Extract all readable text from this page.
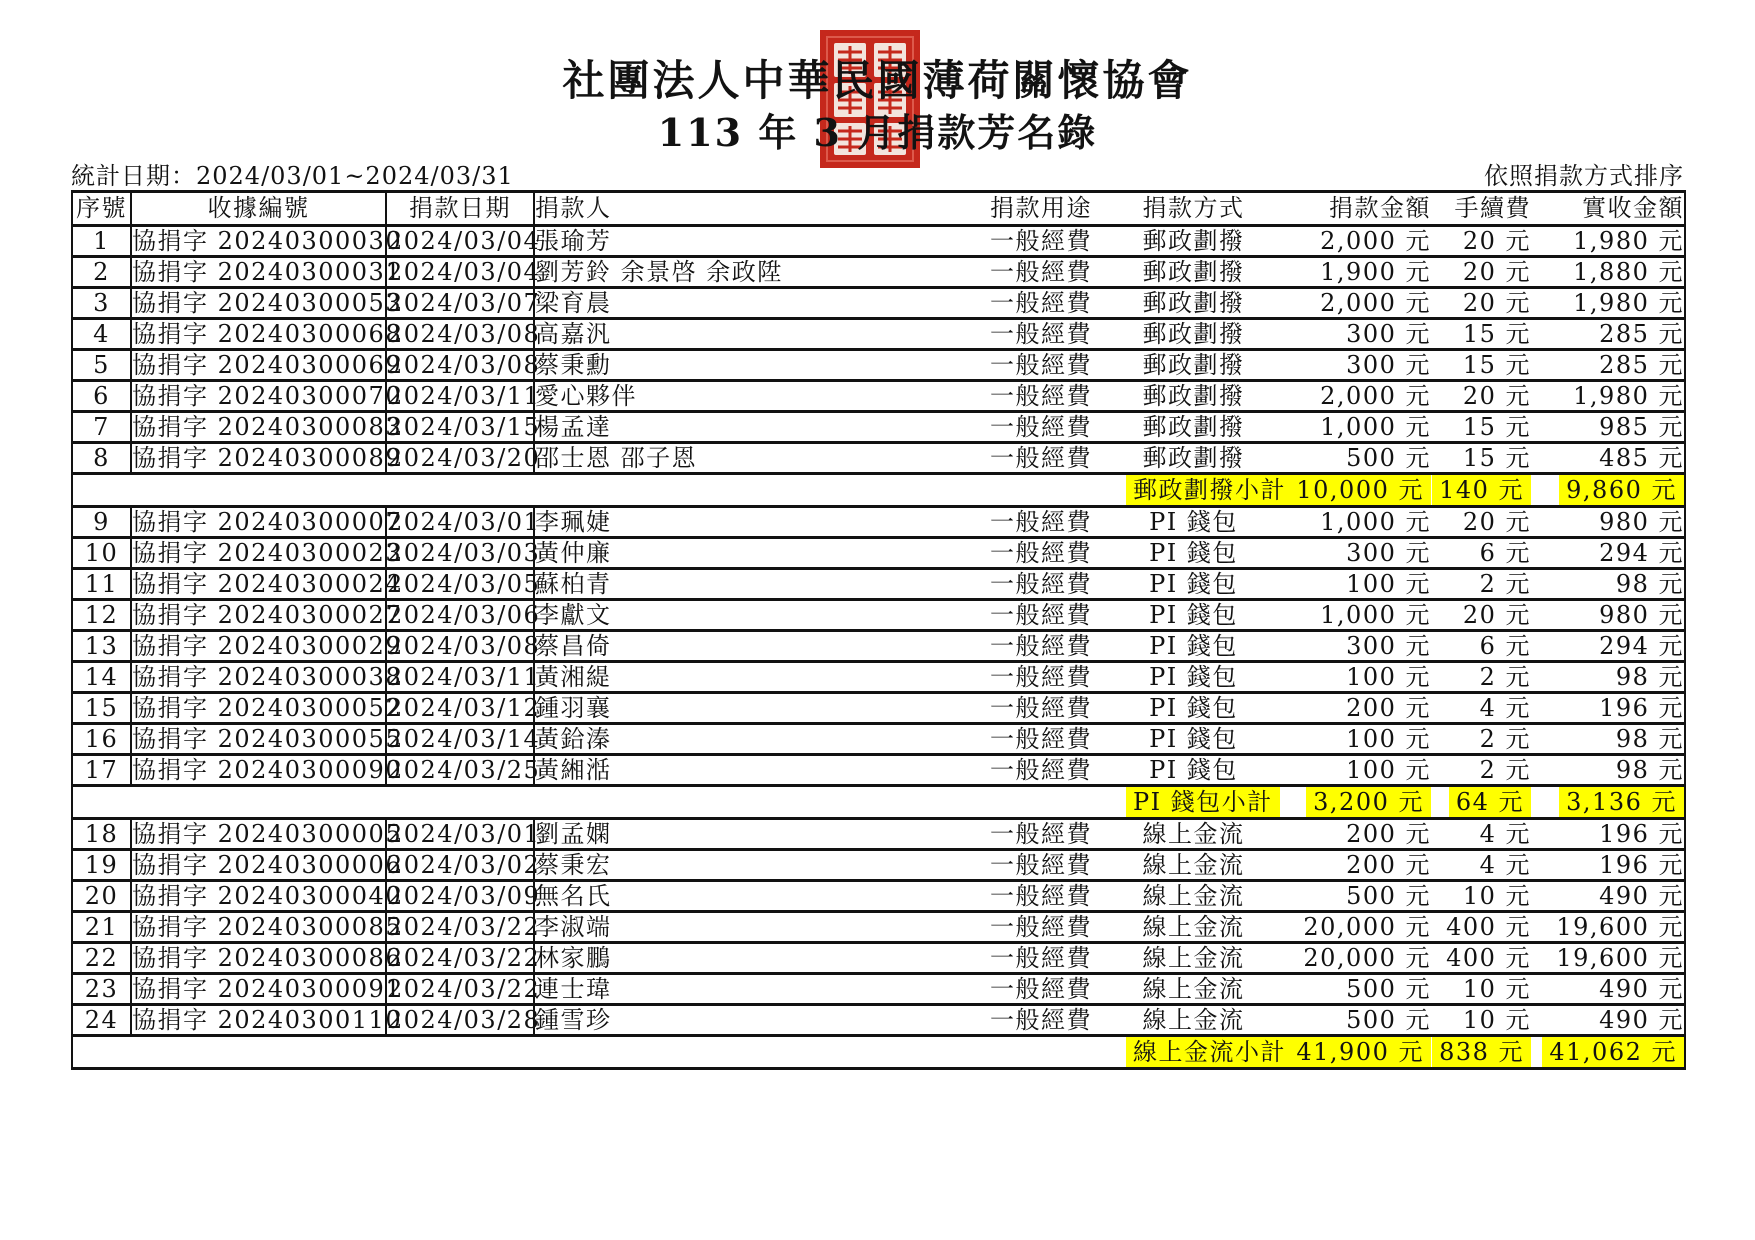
社團法人中華民國薄荷關懷協會
113 年 3 月捐款芳名錄
統計日期：2024/03/01~2024/03/31	依照捐款方式排序
序號	收據編號	捐款日期	捐款人	捐款用途	捐款方式	捐款金額	手續費	實收金額
1	協捐字 20240300030	2024/03/04	張瑜芳	一般經費	郵政劃撥	2,000 元	20 元	1,980 元
2	協捐字 20240300031	2024/03/04	劉芳鈴 余景啓 余政陞	一般經費	郵政劃撥	1,900 元	20 元	1,880 元
3	協捐字 20240300053	2024/03/07	梁育晨	一般經費	郵政劃撥	2,000 元	20 元	1,980 元
4	協捐字 20240300068	2024/03/08	高嘉汎	一般經費	郵政劃撥	300 元	15 元	285 元
5	協捐字 20240300069	2024/03/08	蔡秉勳	一般經費	郵政劃撥	300 元	15 元	285 元
6	協捐字 20240300070	2024/03/11	愛心夥伴	一般經費	郵政劃撥	2,000 元	20 元	1,980 元
7	協捐字 20240300083	2024/03/15	楊孟達	一般經費	郵政劃撥	1,000 元	15 元	985 元
8	協捐字 20240300089	2024/03/20	邵士恩 邵子恩	一般經費	郵政劃撥	500 元	15 元	485 元
					郵政劃撥小計	10,000 元	140 元	9,860 元
9	協捐字 20240300007	2024/03/01	李珮婕	一般經費	PI 錢包	1,000 元	20 元	980 元
10	協捐字 20240300023	2024/03/03	黃仲廉	一般經費	PI 錢包	300 元	6 元	294 元
11	協捐字 20240300024	2024/03/05	蘇柏青	一般經費	PI 錢包	100 元	2 元	98 元
12	協捐字 20240300027	2024/03/06	李獻文	一般經費	PI 錢包	1,000 元	20 元	980 元
13	協捐字 20240300029	2024/03/08	蔡昌倚	一般經費	PI 錢包	300 元	6 元	294 元
14	協捐字 20240300038	2024/03/11	黃湘緹	一般經費	PI 錢包	100 元	2 元	98 元
15	協捐字 20240300052	2024/03/12	鍾羽襄	一般經費	PI 錢包	200 元	4 元	196 元
16	協捐字 20240300055	2024/03/14	黃鉿溱	一般經費	PI 錢包	100 元	2 元	98 元
17	協捐字 20240300090	2024/03/25	黃緗湉	一般經費	PI 錢包	100 元	2 元	98 元
					PI 錢包小計	3,200 元	64 元	3,136 元
18	協捐字 20240300005	2024/03/01	劉孟嫻	一般經費	線上金流	200 元	4 元	196 元
19	協捐字 20240300006	2024/03/02	蔡秉宏	一般經費	線上金流	200 元	4 元	196 元
20	協捐字 20240300040	2024/03/09	無名氏	一般經費	線上金流	500 元	10 元	490 元
21	協捐字 20240300085	2024/03/22	李淑端	一般經費	線上金流	20,000 元	400 元	19,600 元
22	協捐字 20240300086	2024/03/22	林家鵬	一般經費	線上金流	20,000 元	400 元	19,600 元
23	協捐字 20240300091	2024/03/22	連士瑋	一般經費	線上金流	500 元	10 元	490 元
24	協捐字 20240300110	2024/03/28	鍾雪珍	一般經費	線上金流	500 元	10 元	490 元
					線上金流小計	41,900 元	838 元	41,062 元
